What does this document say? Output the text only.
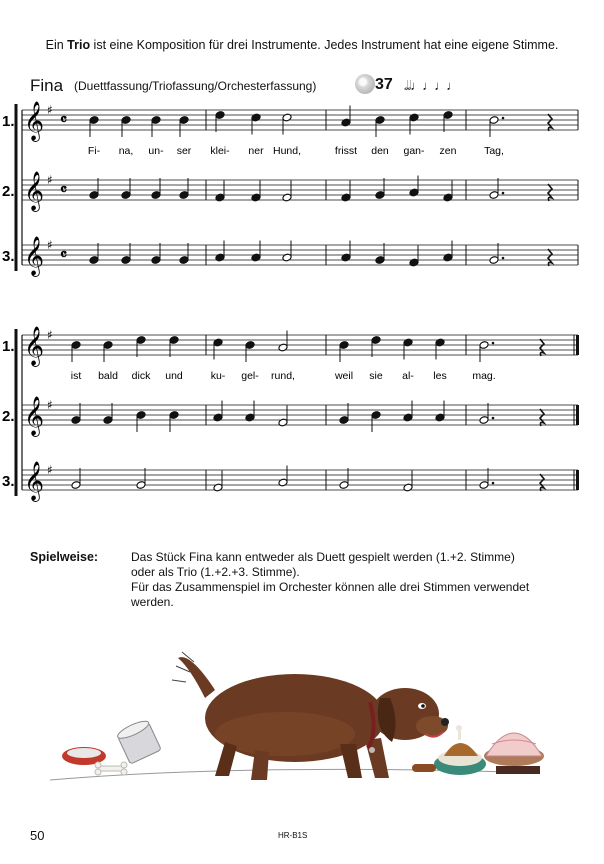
Ein Trio ist eine Komposition für drei Instrumente. Jedes Instrument hat eine eigene Stimme.
Fina (Duettfassung/Triofassung/Orchesterfassung)	37 𝅗𝅥𝅗𝅥♩♩♩♩
1. 𝄞 ♯ 𝄴
2. 𝄞 ♯ 𝄴
3. 𝄞 ♯ 𝄴
Fi- na, un- ser klei- ner Hund,	frisst den gan- zen	Tag,
1. 𝄞 ♯
2. 𝄞 ♯
3. 𝄞 ♯
ist bald dick und	ku- gel- rund,	weil sie al- les mag.
Spielweise:	Das Stück Fina kann entweder als Duett gespielt werden (1.+2. Stimme)
oder als Trio (1.+2.+3. Stimme).
Für das Zusammenspiel im Orchester können alle drei Stimmen verwendet
werden.
50	HR-B1S
